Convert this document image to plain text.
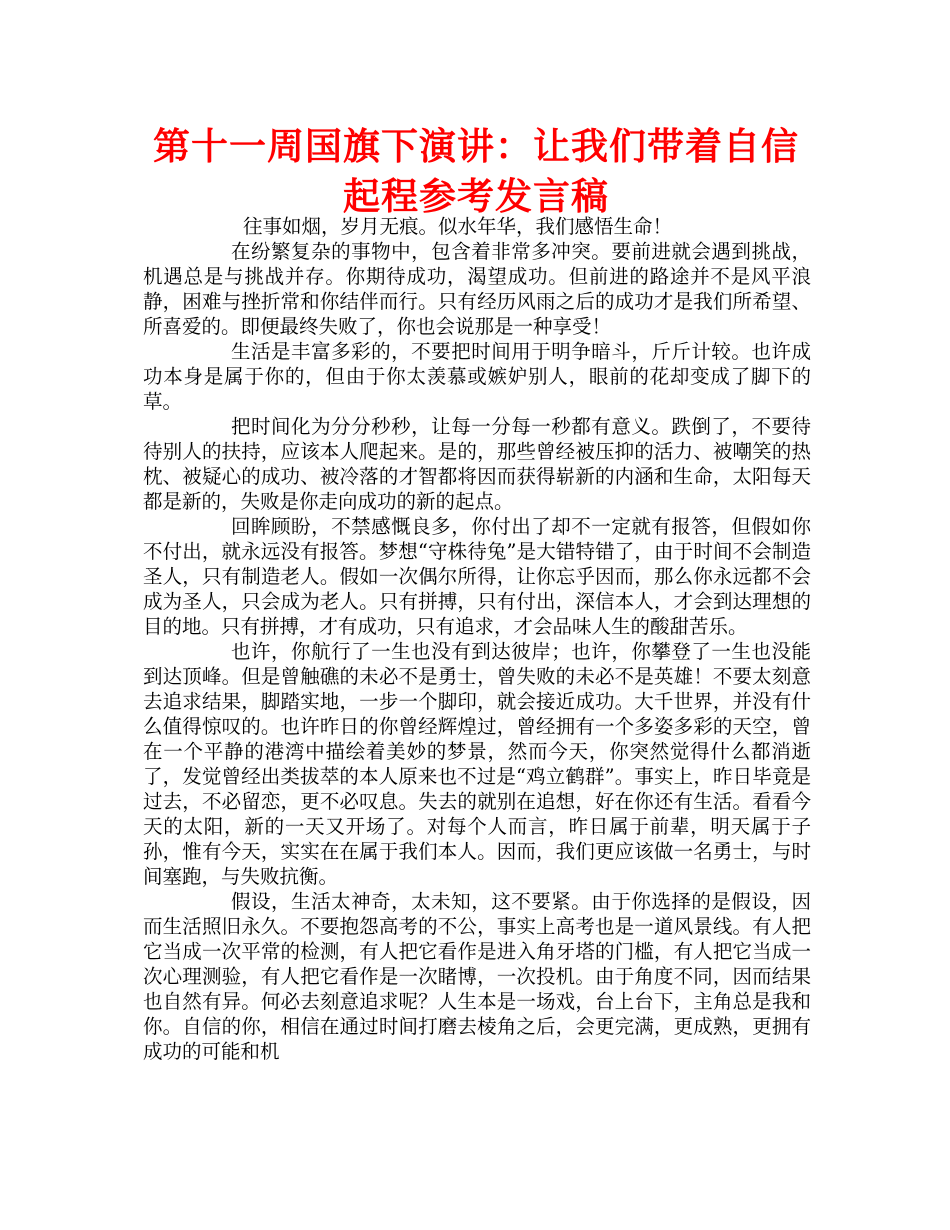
第十一周国旗下演讲：让我们带着自信起程参考发言稿

往事如烟，岁月无痕。似水年华，我们感悟生命！

在纷繁复杂的事物中，包含着非常多冲突。要前进就会遇到挑战，机遇总是与挑战并存。你期待成功，渴望成功。但前进的路途并不是风平浪静，困难与挫折常和你结伴而行。只有经历风雨之后的成功才是我们所希望、所喜爱的。即便最终失败了，你也会说那是一种享受！

生活是丰富多彩的，不要把时间用于明争暗斗，斤斤计较。也许成功本身是属于你的，但由于你太羡慕或嫉妒别人，眼前的花却变成了脚下的草。

把时间化为分分秒秒，让每一分每一秒都有意义。跌倒了，不要待待别人的扶持，应该本人爬起来。是的，那些曾经被压抑的活力、被嘲笑的热枕、被疑心的成功、被冷落的才智都将因而获得崭新的内涵和生命，太阳每天都是新的，失败是你走向成功的新的起点。

回眸顾盼，不禁感慨良多，你付出了却不一定就有报答，但假如你不付出，就永远没有报答。梦想“守株待兔”是大错特错了，由于时间不会制造圣人，只有制造老人。假如一次偶尔所得，让你忘乎因而，那么你永远都不会成为圣人，只会成为老人。只有拼搏，只有付出，深信本人，才会到达理想的目的地。只有拼搏，才有成功，只有追求，才会品味人生的酸甜苦乐。

也许，你航行了一生也没有到达彼岸；也许，你攀登了一生也没能到达顶峰。但是曾触礁的未必不是勇士，曾失败的未必不是英雄！不要太刻意去追求结果，脚踏实地，一步一个脚印，就会接近成功。大千世界，并没有什么值得惊叹的。也许昨日的你曾经辉煌过，曾经拥有一个多姿多彩的天空，曾在一个平静的港湾中描绘着美妙的梦景，然而今天，你突然觉得什么都消逝了，发觉曾经出类拔萃的本人原来也不过是“鸡立鹤群”。事实上，昨日毕竟是过去，不必留恋，更不必叹息。失去的就别在追想，好在你还有生活。看看今天的太阳，新的一天又开场了。对每个人而言，昨日属于前辈，明天属于子孙，惟有今天，实实在在属于我们本人。因而，我们更应该做一名勇士，与时间塞跑，与失败抗衡。

假设，生活太神奇，太未知，这不要紧。由于你选择的是假设，因而生活照旧永久。不要抱怨高考的不公，事实上高考也是一道风景线。有人把它当成一次平常的检测，有人把它看作是进入角牙塔的门槛，有人把它当成一次心理测验，有人把它看作是一次睹博，一次投机。由于角度不同，因而结果也自然有异。何必去刻意追求呢？人生本是一场戏，台上台下，主角总是我和你。自信的你，相信在通过时间打磨去棱角之后，会更完满，更成熟，更拥有成功的可能和机
